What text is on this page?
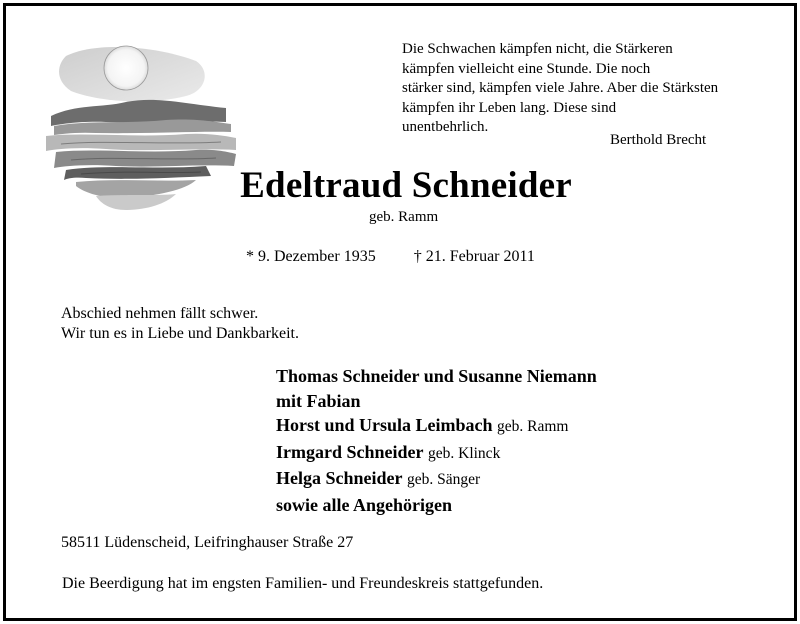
Die Schwachen kämpfen nicht, die Stärkeren
kämpfen vielleicht eine Stunde. Die noch
stärker sind, kämpfen viele Jahre. Aber die Stärksten
kämpfen ihr Leben lang. Diese sind
unentbehrlich.
Berthold Brecht
Edeltraud Schneider
geb. Ramm
* 9. Dezember 1935 † 21. Februar 2011
Abschied nehmen fällt schwer.
Wir tun es in Liebe und Dankbarkeit.
Thomas Schneider und Susanne Niemann
mit Fabian
Horst und Ursula Leimbach geb. Ramm
Irmgard Schneider geb. Klinck
Helga Schneider geb. Sänger
sowie alle Angehörigen
58511 Lüdenscheid, Leifringhauser Straße 27
Die Beerdigung hat im engsten Familien- und Freundeskreis stattgefunden.
